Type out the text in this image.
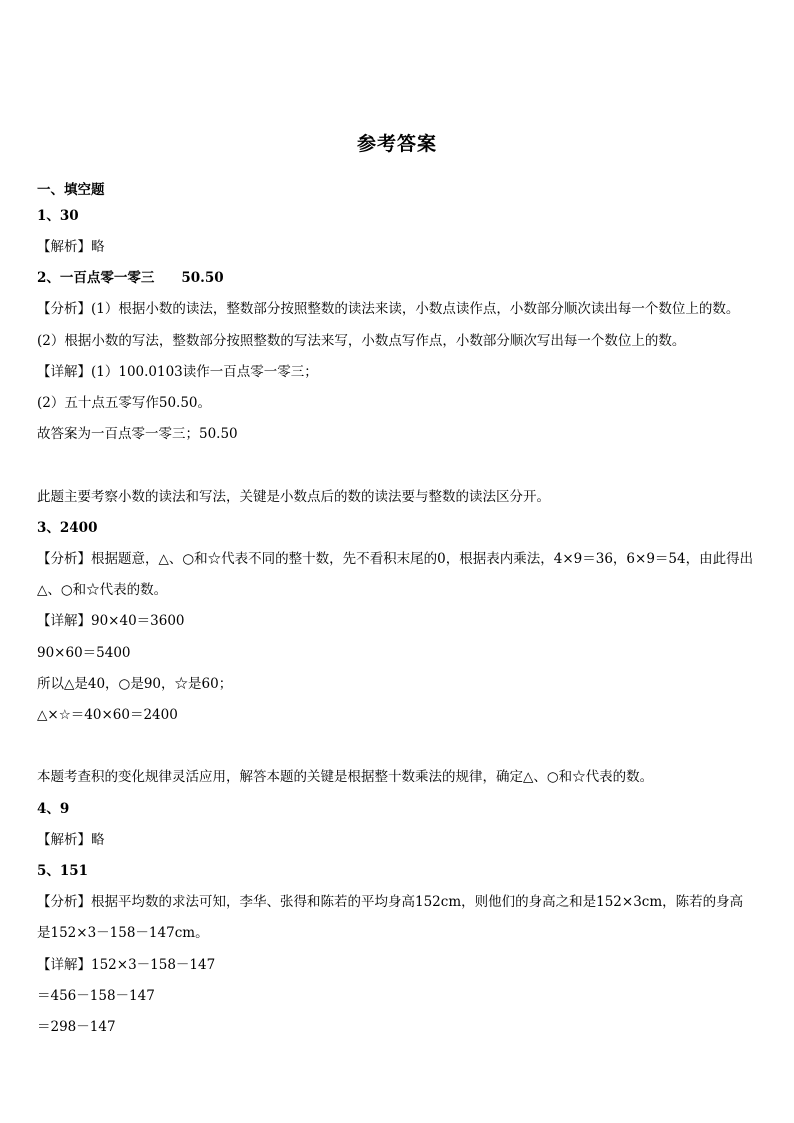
参考答案
一、填空题
1、30
【解析】略
2、一百点零一零三　　50.50
【分析】(1）根据小数的读法，整数部分按照整数的读法来读，小数点读作点，小数部分顺次读出每一个数位上的数。
(2）根据小数的写法，整数部分按照整数的写法来写，小数点写作点，小数部分顺次写出每一个数位上的数。
【详解】(1）100.0103读作一百点零一零三；
(2）五十点五零写作50.50。
故答案为一百点零一零三；50.50
此题主要考察小数的读法和写法，关键是小数点后的数的读法要与整数的读法区分开。
3、2400
【分析】根据题意，△、○和☆代表不同的整十数，先不看积末尾的0，根据表内乘法，4×9＝36，6×9＝54，由此得出
△、○和☆代表的数。
【详解】90×40＝3600
90×60＝5400
所以△是40，○是90，☆是60；
△×☆＝40×60＝2400
本题考查积的变化规律灵活应用，解答本题的关键是根据整十数乘法的规律，确定△、○和☆代表的数。
4、9
【解析】略
5、151
【分析】根据平均数的求法可知，李华、张得和陈若的平均身高152cm，则他们的身高之和是152×3cm，陈若的身高
是152×3－158－147cm。
【详解】152×3－158－147
＝456－158－147
＝298－147
